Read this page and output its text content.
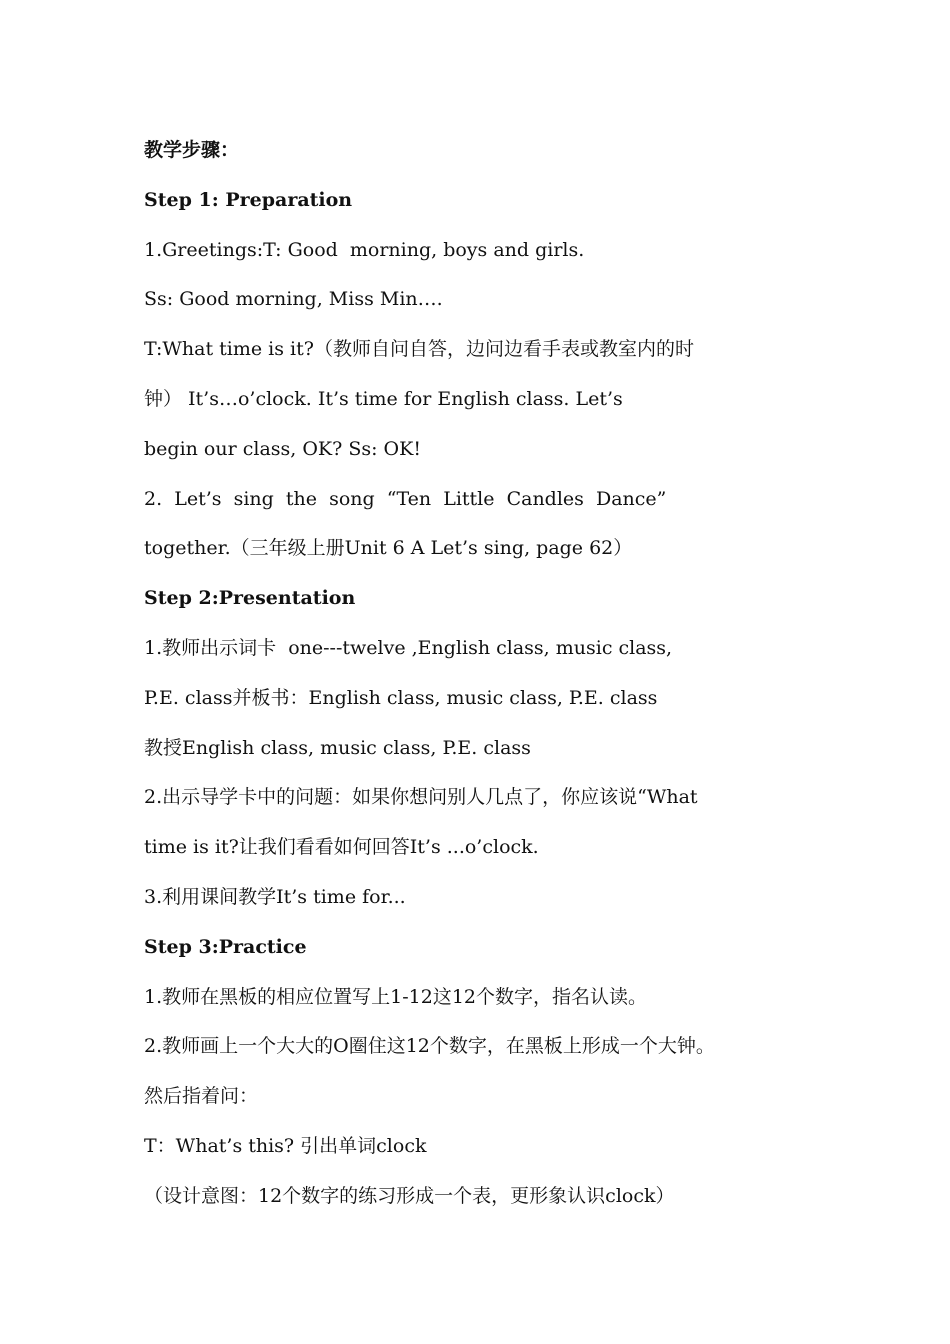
教学步骤：
Step 1: Preparation
1.Greetings:T: Good  morning, boys and girls.
Ss: Good morning, Miss Min….
T:What time is it?（教师自问自答，边问边看手表或教室内的时
钟） It’s…o’clock. It’s time for English class. Let’s
begin our class, OK? Ss: OK!
2.  Let’s  sing  the  song  “Ten  Little  Candles  Dance”
together.（三年级上册Unit 6 A Let’s sing, page 62）
Step 2:Presentation
1.教师出示词卡  one---twelve ,English class, music class,
P.E. class并板书：English class, music class, P.E. class
教授English class, music class, P.E. class
2.出示导学卡中的问题：如果你想问别人几点了，你应该说“What
time is it?让我们看看如何回答It’s ...o’clock.
3.利用课间教学It’s time for...
Step 3:Practice
1.教师在黑板的相应位置写上1-12这12个数字，指名认读。
2.教师画上一个大大的O圈住这12个数字，在黑板上形成一个大钟。
然后指着问：
T：What’s this? 引出单词clock
（设计意图：12个数字的练习形成一个表，更形象认识clock）
